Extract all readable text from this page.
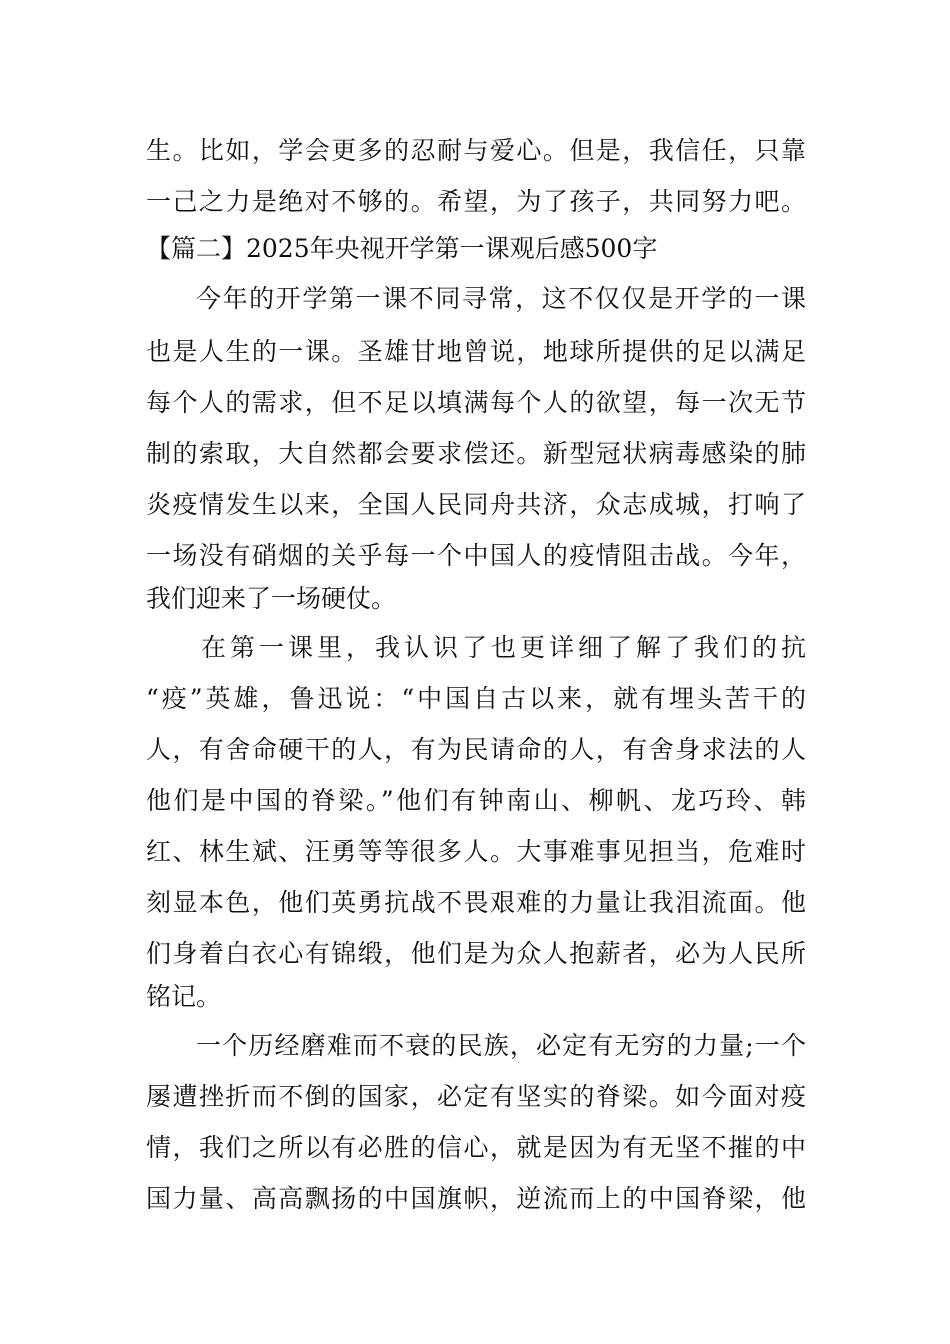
生。比如，学会更多的忍耐与爱心。但是，我信任，只靠
一己之力是绝对不够的。希望，为了孩子，共同努力吧。
【篇二】2025年央视开学第一课观后感500字
今年的开学第一课不同寻常，这不仅仅是开学的一课
也是人生的一课。圣雄甘地曾说，地球所提供的足以满足
每个人的需求，但不足以填满每个人的欲望，每一次无节
制的索取，大自然都会要求偿还。新型冠状病毒感染的肺
炎疫情发生以来，全国人民同舟共济，众志成城，打响了
一场没有硝烟的关乎每一个中国人的疫情阻击战。今年，
我们迎来了一场硬仗。
在第一课里，我认识了也更详细了解了我们的抗
“疫”英雄，鲁迅说：“中国自古以来，就有埋头苦干的
人，有舍命硬干的人，有为民请命的人，有舍身求法的人
他们是中国的脊梁。”他们有钟南山、柳帆、龙巧玲、韩
红、林生斌、汪勇等等很多人。大事难事见担当，危难时
刻显本色，他们英勇抗战不畏艰难的力量让我泪流面。他
们身着白衣心有锦缎，他们是为众人抱薪者，必为人民所
铭记。
一个历经磨难而不衰的民族，必定有无穷的力量;一个
屡遭挫折而不倒的国家，必定有坚实的脊梁。如今面对疫
情，我们之所以有必胜的信心，就是因为有无坚不摧的中
国力量、高高飘扬的中国旗帜，逆流而上的中国脊梁，他
